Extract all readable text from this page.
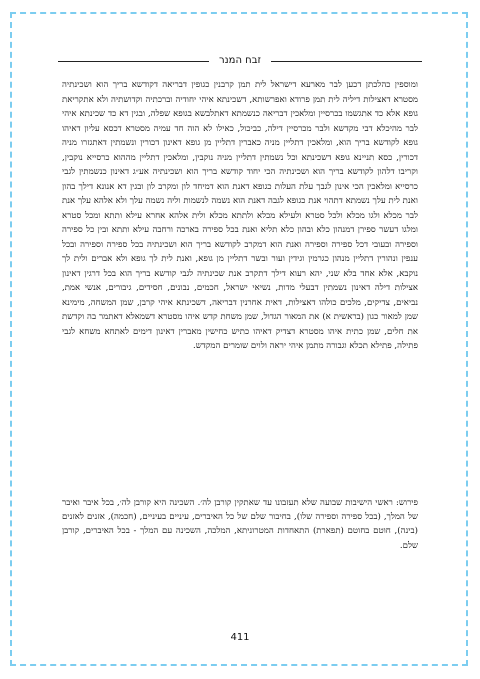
זבח המנר

ומוספין כהלכתן דכען לבר מארעא דישראל לית תמן קרבנין כגופין דבריאה דקודשא בריך הוא ושכינתיה מסטרא דאצילות דיליה לית תמן פרודא ואפרשותא, דשכינתא איהי יחודיה וברכתיה וקדושתיה ולא אתקריאת גופא אלא כד אתגשמו בכרסיין ומלאכין דבריאה כנשמתא דאתלבשא בגופא שפלה, ובגין דא כד שכינתא איהי לבר מהיכלא דבי מקדשא ולבר מכרסיין דילה, כביכול, כאילו לא הוה חד עמיה מסטרא דכסא עליון דאיהו גופא לקודשא בריך הוא, ומלאכין דתליין מניה כאברין דתליין מן גופא דאינון דכורין ונשמתין דאתגזרו מניה דכורין, כסא תניינא גופא דשכינתא וכל נשמתין דתליין מניה נוקבין, ומלאכין דתליין מההוא כרסייא נוקבין, וקריבו דלהון לקודשא בריך הוא ושכינתיה הכי יחוד קודשא בריך הוא ושכינתיה אע״ג דאינון כנשמתין לגבי כרסייא ומלאכין הכי אינון לגבך עלת העלות כגופא דאנת הוא דמיחד לון ומקרב לון ובגין דא אנונא דילך בהון ואנת לית עלך נשמתא דתהוי אנת כגופא לגבה דאנת הוא נשמה לנשמות וליה נשמה עלך ולא אלהא עלך אנת לבר מכלא ולגו מכלא ולכל סטרא ולעילא מכלא ולתתא מכלא ולית אלהא אחרא עילא ותתא ומכל סטרא ומלגו דעשר ספירן דמנהון כלא ובהון כלא תליא ואנת בכל ספירה בארכה ורחבה עילא ותתא ובין כל ספירה וספירה ובעובי דכל ספירה וספירה ואנת הוא דמקרב לקודשא בריך הוא ושכינתיה בכל ספירה וספירה ובכל ענפין ונהורין דתליין מנהון כגרמין וגידין ועור ובשר דתליין מן גופא, ואנת לית לך גופא ולא אברים ולית לך נוקבא, אלא אחד בלא שני, יהא רעוא דילך דתקרב אנת שכינתיה לגבי קודשא בריך הוא בכל דרגין דאינון אצילות דילה דאינון נשמתין דבעלי מדות, נשיאי ישראל, חכמים, נבונים, חסידים, גיבורים, אנשי אמת, נביאים, צדיקים, מלכים כולהו דאצילות, דאית אחרנין דבריאה, דשכינתא איהי קרבן, שמן המשחה, מימינא שמן למאור כגון (בראשית א) את המאור הגדול, שמן משחת קדש איהו מסטרא דשמאלא דאתמר בה וקדשת את חלים, שמן כתית איהו מסטרא דצדיק דאיהו כתיש כחישין מאברין דאינון דימים לאתחא משחא לגבי פתילה, פתילא תכלא וגבורה מתמן איהי יראה ולוים שומרים המקדש.

פירוש: ראשי הישיבות שבועה שלא תעזבונו עד שאתקין קורבן לה׳. השכינה היא קורבן לה׳, בכל איבר ואיבר של המלך, (בכל ספירה וספירה שלו), בחיבור שלם של כל האיברים, עיניים בעיניים, (חכמה), אזנים לאזנים (בינה), חוטם בחוטם (תפארת) התאחדות המטרוניתא, המלכה, השכינה עם המלך - בכל האיברים, קורבן שלם.

411
